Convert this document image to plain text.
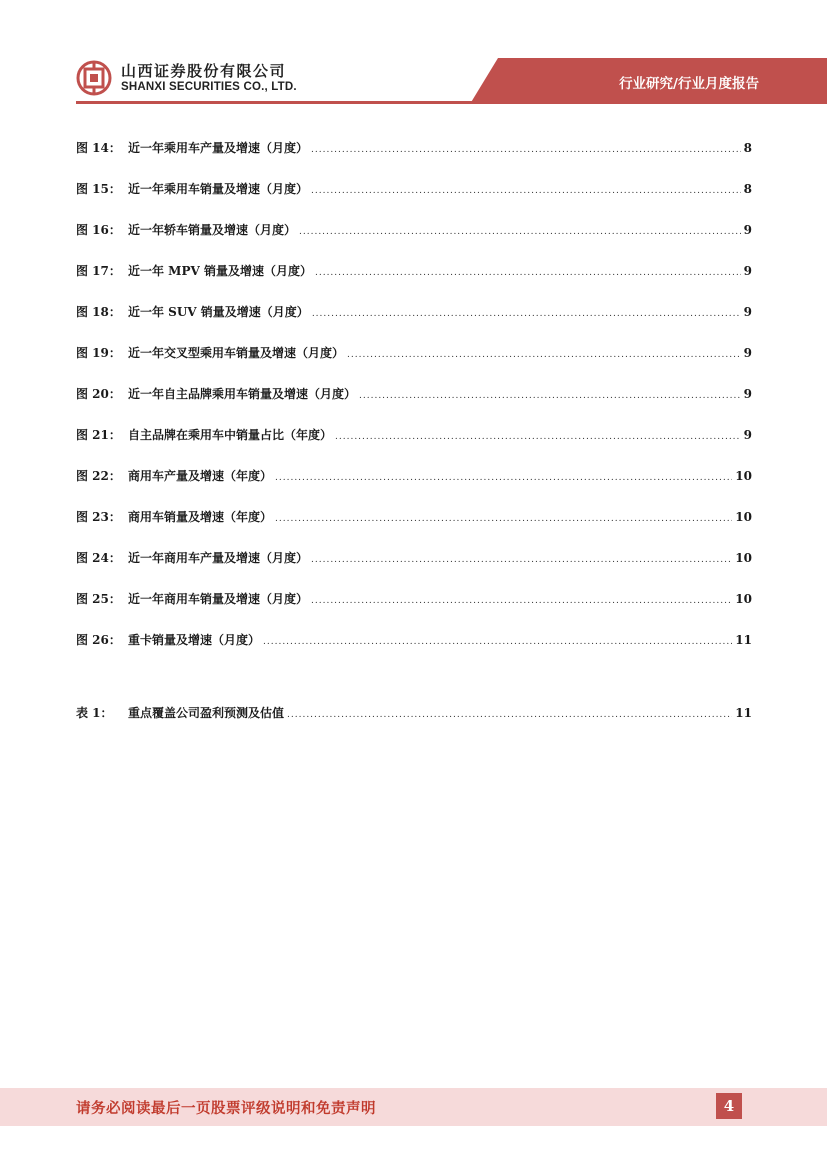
山西证券股份有限公司
SHANXI SECURITIES CO., LTD.	行业研究/行业月度报告
图 14： 近一年乘用车产量及增速（月度） .....	8
图 15： 近一年乘用车销量及增速（月度） .....	8
图 16： 近一年轿车销量及增速（月度） .....	9
图 17： 近一年 MPV 销量及增速（月度） .....	9
图 18： 近一年 SUV 销量及增速（月度） .....	9
图 19： 近一年交叉型乘用车销量及增速（月度） .....	9
图 20： 近一年自主品牌乘用车销量及增速（月度） .....	9
图 21： 自主品牌在乘用车中销量占比（年度） .....	9
图 22： 商用车产量及增速（年度） .....	10
图 23： 商用车销量及增速（年度） .....	10
图 24： 近一年商用车产量及增速（月度） .....	10
图 25： 近一年商用车销量及增速（月度） .....	10
图 26： 重卡销量及增速（月度） .....	11
表 1：	重点覆盖公司盈利预测及估值 .....	11
请务必阅读最后一页股票评级说明和免责声明	4
